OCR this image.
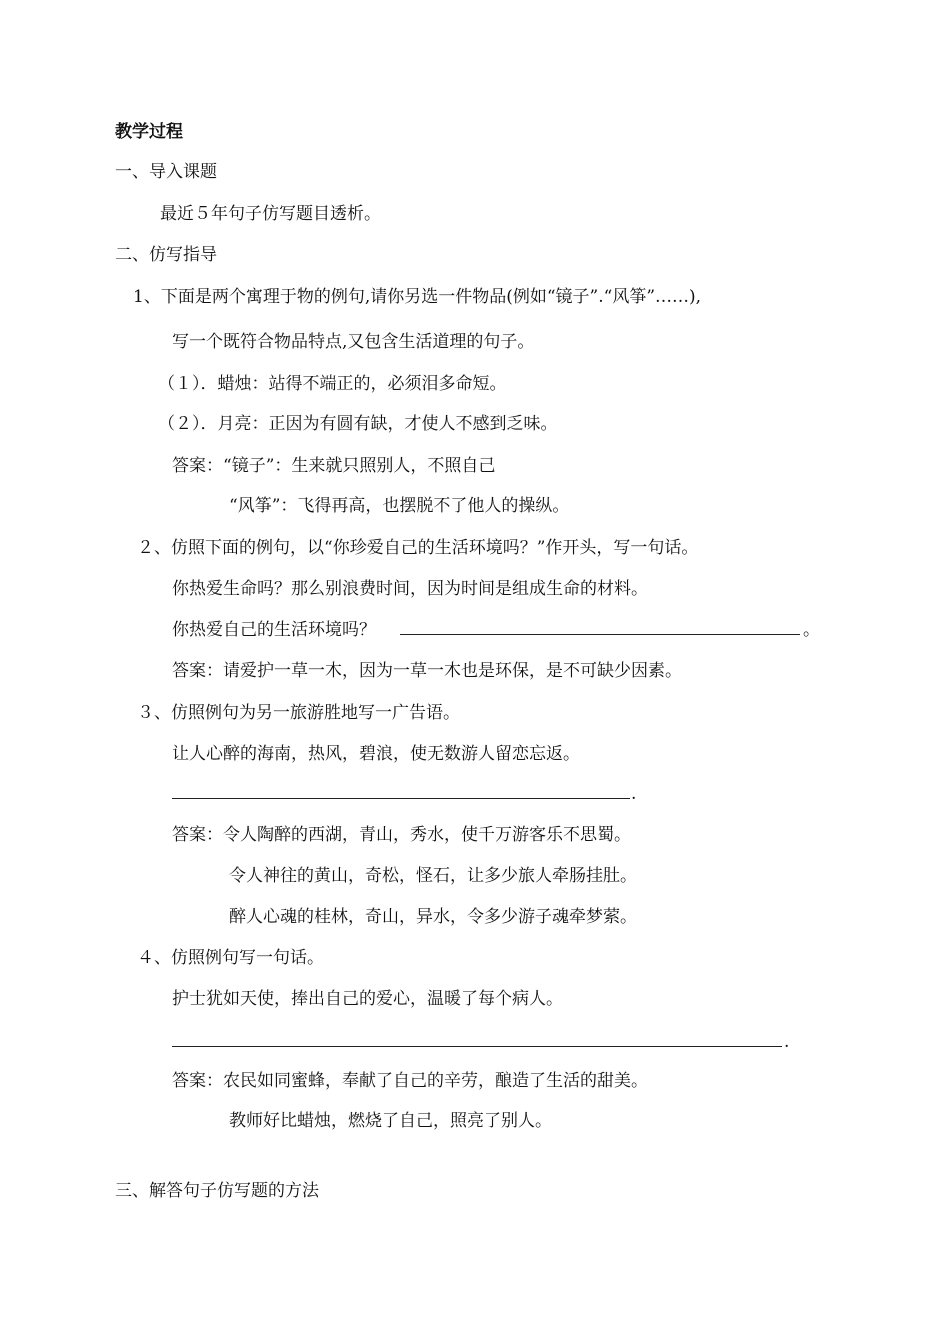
教学过程
一、导入课题
最近５年句子仿写题目透析。
二、仿写指导
1、下面是两个寓理于物的例句,请你另选一件物品(例如“镜子”.“风筝”……),
写一个既符合物品特点,又包含生活道理的句子。
（１）．蜡烛：站得不端正的，必须泪多命短。
（２）．月亮：正因为有圆有缺，才使人不感到乏味。
答案：“镜子”：生来就只照别人，不照自己
“风筝”：飞得再高，也摆脱不了他人的操纵。
２、仿照下面的例句，以“你珍爱自己的生活环境吗？”作开头，写一句话。
你热爱生命吗？那么别浪费时间，因为时间是组成生命的材料。
你热爱自己的生活环境吗？	。
答案：请爱护一草一木，因为一草一木也是环保，是不可缺少因素。
３、仿照例句为另一旅游胜地写一广告语。
让人心醉的海南，热风，碧浪，使无数游人留恋忘返。
.
答案：令人陶醉的西湖，青山，秀水，使千万游客乐不思蜀。
令人神往的黄山，奇松，怪石，让多少旅人牵肠挂肚。
醉人心魂的桂林，奇山，异水，令多少游子魂牵梦萦。
４、仿照例句写一句话。
护士犹如天使，捧出自己的爱心，温暖了每个病人。
.
答案：农民如同蜜蜂，奉献了自己的辛劳，酿造了生活的甜美。
教师好比蜡烛，燃烧了自己，照亮了别人。
三、解答句子仿写题的方法
